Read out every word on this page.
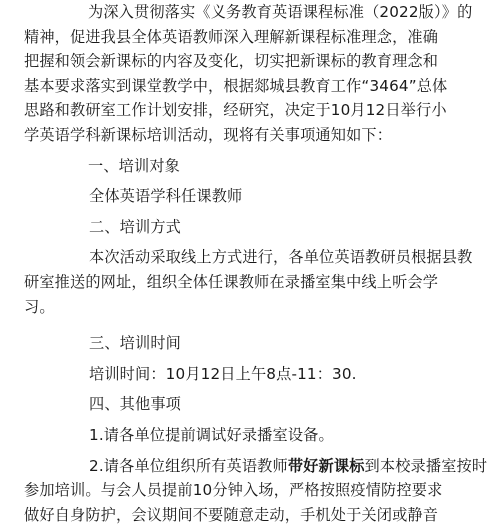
为深入贯彻落实《义务教育英语课程标准（2022版）》的
精神，促进我县全体英语教师深入理解新课程标准理念，准确
把握和领会新课标的内容及变化，切实把新课标的教育理念和
基本要求落实到课堂教学中，根据郯城县教育工作“3464”总体
思路和教研室工作计划安排，经研究，决定于10月12日举行小
学英语学科新课标培训活动，现将有关事项通知如下：
一、培训对象
全体英语学科任课教师
二、培训方式
本次活动采取线上方式进行，各单位英语教研员根据县教
研室推送的网址，组织全体任课教师在录播室集中线上听会学
习。
三、培训时间
培训时间：10月12日上午8点-11：30.
四、其他事项
1.请各单位提前调试好录播室设备。
2.请各单位组织所有英语教师带好新课标到本校录播室按时
参加培训。与会人员提前10分钟入场，严格按照疫情防控要求
做好自身防护，会议期间不要随意走动，手机处于关闭或静音
